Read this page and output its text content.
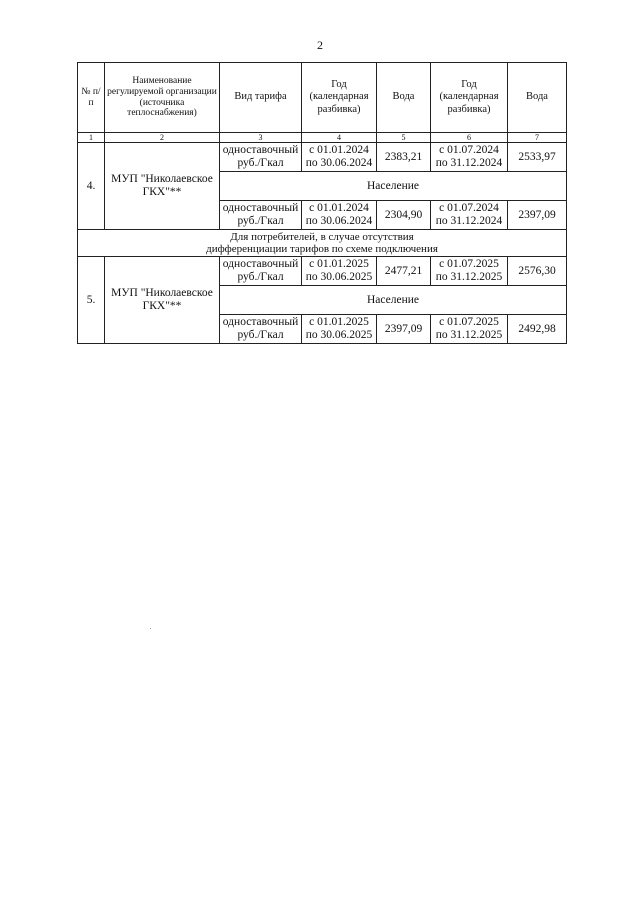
2
№ п/п	Наименование регулируемой организации (источника теплоснабжения)	Вид тарифа	Год (календарная разбивка)	Вода	Год (календарная разбивка)	Вода
1	2	3	4	5	6	7
4.	МУП "Николаевское ГКХ"**	одноставочный руб./Гкал	с 01.01.2024 по 30.06.2024	2383,21	с 01.07.2024 по 31.12.2024	2533,97
		Население				
		одноставочный руб./Гкал	с 01.01.2024 по 30.06.2024	2304,90	с 01.07.2024 по 31.12.2024	2397,09
Для потребителей, в случае отсутствия
дифференциации тарифов по схеме подключения						
5.	МУП "Николаевское ГКХ"**	одноставочный руб./Гкал	с 01.01.2025 по 30.06.2025	2477,21	с 01.07.2025 по 31.12.2025	2576,30
		Население				
		одноставочный руб./Гкал	с 01.01.2025 по 30.06.2025	2397,09	с 01.07.2025 по 31.12.2025	2492,98
